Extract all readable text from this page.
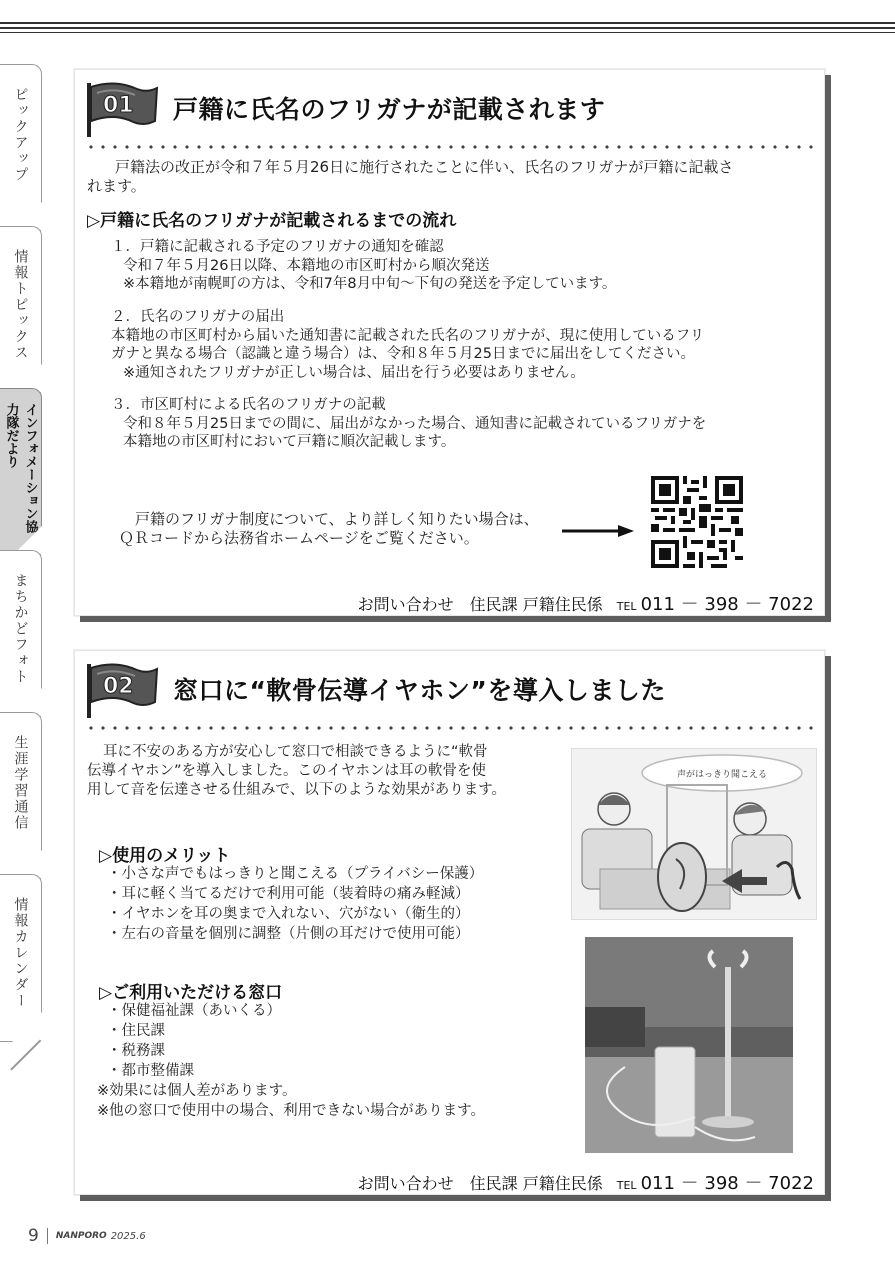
ピックアップ
情報トピックス
インフォメーション協力隊だより
まちかどフォト
生涯学習通信
情報カレンダー
01 戸籍に氏名のフリガナが記載されます
戸籍法の改正が令和７年５月26日に施行されたことに伴い、氏名のフリガナが戸籍に記載さ
れます。
▷戸籍に氏名のフリガナが記載されるまでの流れ
１．戸籍に記載される予定のフリガナの通知を確認
令和７年５月26日以降、本籍地の市区町村から順次発送
※本籍地が南幌町の方は、令和7年8月中旬～下旬の発送を予定しています。
２．氏名のフリガナの届出
本籍地の市区町村から届いた通知書に記載された氏名のフリガナが、現に使用しているフリ
ガナと異なる場合（認識と違う場合）は、令和８年５月25日までに届出をしてください。
※通知されたフリガナが正しい場合は、届出を行う必要はありません。
３．市区町村による氏名のフリガナの記載
令和８年５月25日までの間に、届出がなかった場合、通知書に記載されているフリガナを
本籍地の市区町村において戸籍に順次記載します。
戸籍のフリガナ制度について、より詳しく知りたい場合は、
ＱＲコードから法務省ホームページをご覧ください。
お問い合わせ　住民課 戸籍住民係 TEL 011 － 398 － 7022
02 窓口に“軟骨伝導イヤホン”を導入しました
耳に不安のある方が安心して窓口で相談できるように“軟骨
伝導イヤホン”を導入しました。このイヤホンは耳の軟骨を使
用して音を伝達させる仕組みで、以下のような効果があります。
▷使用のメリット
・小さな声でもはっきりと聞こえる（プライバシー保護）
・耳に軽く当てるだけで利用可能（装着時の痛み軽減）
・イヤホンを耳の奥まで入れない、穴がない（衛生的）
・左右の音量を個別に調整（片側の耳だけで使用可能）
▷ご利用いただける窓口
・保健福祉課（あいくる）
・住民課
・税務課
・都市整備課
※効果には個人差があります。
※他の窓口で使用中の場合、利用できない場合があります。
声がはっきり聞こえる
お問い合わせ　住民課 戸籍住民係 TEL 011 － 398 － 7022
9 NANPORO 2025.6
